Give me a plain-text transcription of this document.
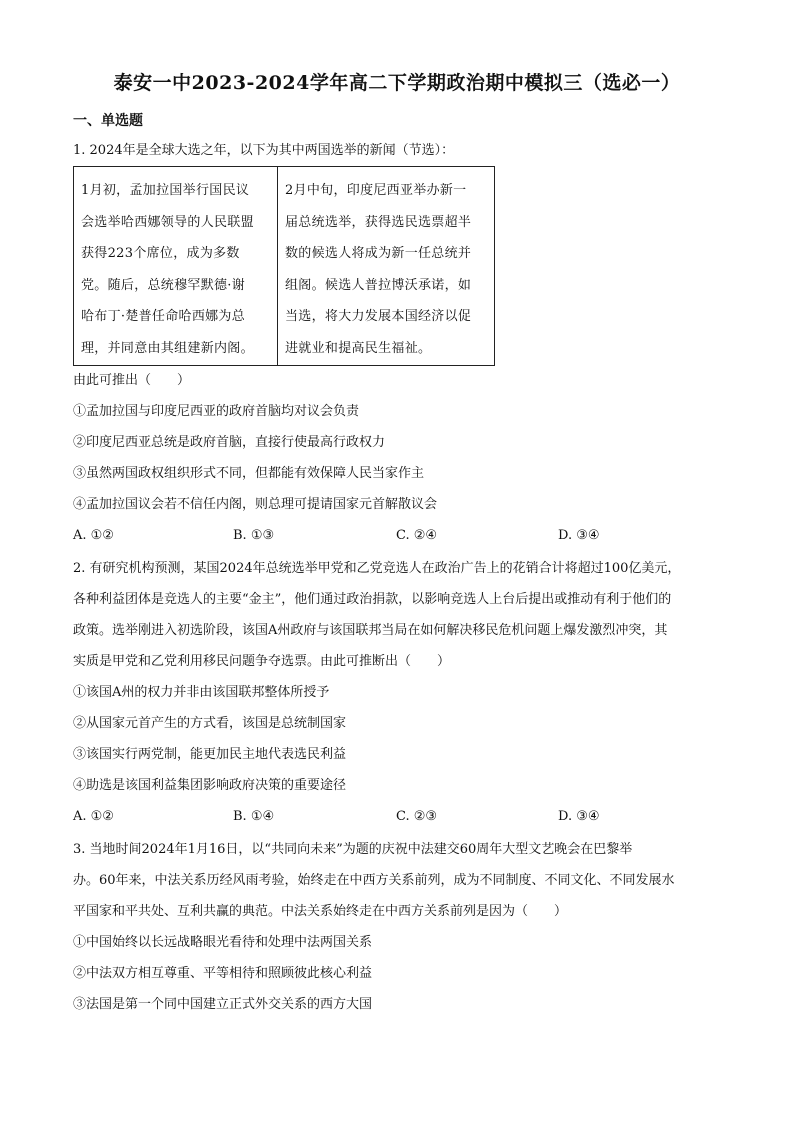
泰安一中2023-2024学年高二下学期政治期中模拟三（选必一）
一、单选题
1. 2024年是全球大选之年，以下为其中两国选举的新闻（节选）：
1月初，孟加拉国举行国民议
会选举哈西娜领导的人民联盟
获得223个席位，成为多数
党。随后，总统穆罕默德·谢
哈布丁·楚普任命哈西娜为总
理，并同意由其组建新内阁。

2月中旬，印度尼西亚举办新一
届总统选举，获得选民选票超半
数的候选人将成为新一任总统并
组阁。候选人普拉博沃承诺，如
当选，将大力发展本国经济以促
进就业和提高民生福祉。
由此可推出（　　）
①孟加拉国与印度尼西亚的政府首脑均对议会负责
②印度尼西亚总统是政府首脑，直接行使最高行政权力
③虽然两国政权组织形式不同，但都能有效保障人民当家作主
④孟加拉国议会若不信任内阁，则总理可提请国家元首解散议会
A. ①②	B. ①③	C. ②④	D. ③④
2. 有研究机构预测，某国2024年总统选举甲党和乙党竞选人在政治广告上的花销合计将超过100亿美元，
各种利益团体是竞选人的主要“金主”，他们通过政治捐款，以影响竞选人上台后提出或推动有利于他们的
政策。选举刚进入初选阶段，该国A州政府与该国联邦当局在如何解决移民危机问题上爆发激烈冲突，其
实质是甲党和乙党利用移民问题争夺选票。由此可推断出（　　）
①该国A州的权力并非由该国联邦整体所授予
②从国家元首产生的方式看，该国是总统制国家
③该国实行两党制，能更加民主地代表选民利益
④助选是该国利益集团影响政府决策的重要途径
A. ①②	B. ①④	C. ②③	D. ③④
3. 当地时间2024年1月16日，以“共同向未来”为题的庆祝中法建交60周年大型文艺晚会在巴黎举
办。60年来，中法关系历经风雨考验，始终走在中西方关系前列，成为不同制度、不同文化、不同发展水
平国家和平共处、互利共赢的典范。中法关系始终走在中西方关系前列是因为（　　）
①中国始终以长远战略眼光看待和处理中法两国关系
②中法双方相互尊重、平等相待和照顾彼此核心利益
③法国是第一个同中国建立正式外交关系的西方大国
